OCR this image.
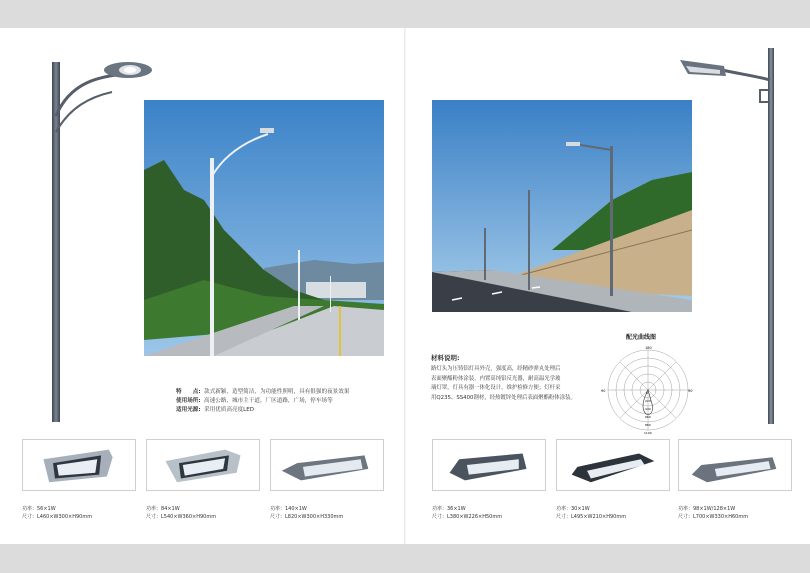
特　　点: 款式新颖，造型简洁，为功能性照明，具有很强的夜景效果
使用场所: 高速公路、城市主干道，厂区道路，广场，停车场等
适用光源: 采用优质高亮度LED
材料说明:
路灯头为压铸铝灯具外壳，强度高，经精砂弹丸处理后
表面聚酯粉体涂装，内置高纯铝反光器，耐高温光学玻
璃灯罩，灯具有器一体化设计，维护检修方便；灯杆采
用Q235、SS400钢材，经热镀锌处理后表面聚酯粉体涂装。
配光曲线图
180
90	90
0
220
440
660
880
1100
功率：56×1W
尺寸：L460×W300×H90mm
功率：84×1W
尺寸：L540×W360×H90mm
功率：140×1W
尺寸：L820×W300×H330mm
功率：36×1W
尺寸：L380×W226×H50mm
功率：30×1W
尺寸：L495×W210×H90mm
功率：98×1W/128×1W
尺寸：L700×W330×H60mm
